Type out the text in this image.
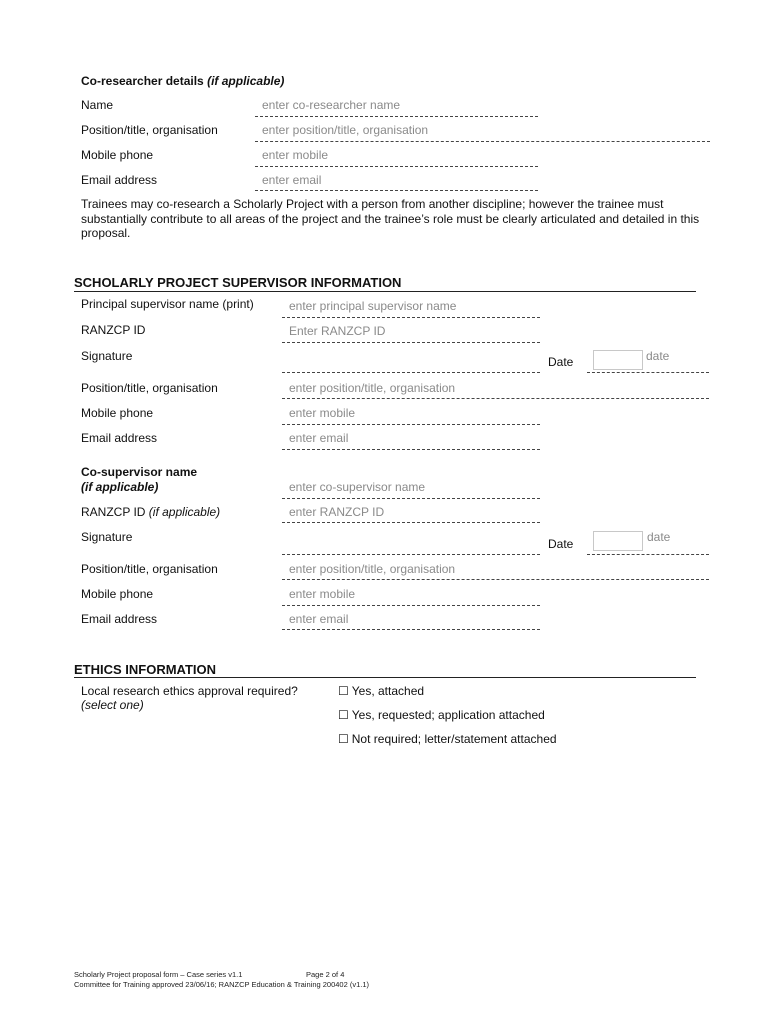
Co-researcher details (if applicable)
Name	enter co-researcher name
Position/title, organisation	enter position/title, organisation
Mobile phone	enter mobile
Email address	enter email
Trainees may co-research a Scholarly Project with a person from another discipline; however the trainee must substantially contribute to all areas of the project and the trainee’s role must be clearly articulated and detailed in this proposal.
SCHOLARLY PROJECT SUPERVISOR INFORMATION
Principal supervisor name (print)	enter principal supervisor name
RANZCP ID	Enter RANZCP ID
Signature	Date	date
Position/title, organisation	enter position/title, organisation
Mobile phone	enter mobile
Email address	enter email
Co-supervisor name
(if applicable)	enter co-supervisor name
RANZCP ID (if applicable)	enter RANZCP ID
Signature	Date	date
Position/title, organisation	enter position/title, organisation
Mobile phone	enter mobile
Email address	enter email
ETHICS INFORMATION
Local research ethics approval required?
(select one)
☐ Yes, attached
☐ Yes, requested; application attached
☐ Not required; letter/statement attached
Scholarly Project proposal form – Case series v1.1	Page 2 of 4
Committee for Training approved 23/06/16; RANZCP Education & Training 200402 (v1.1)
